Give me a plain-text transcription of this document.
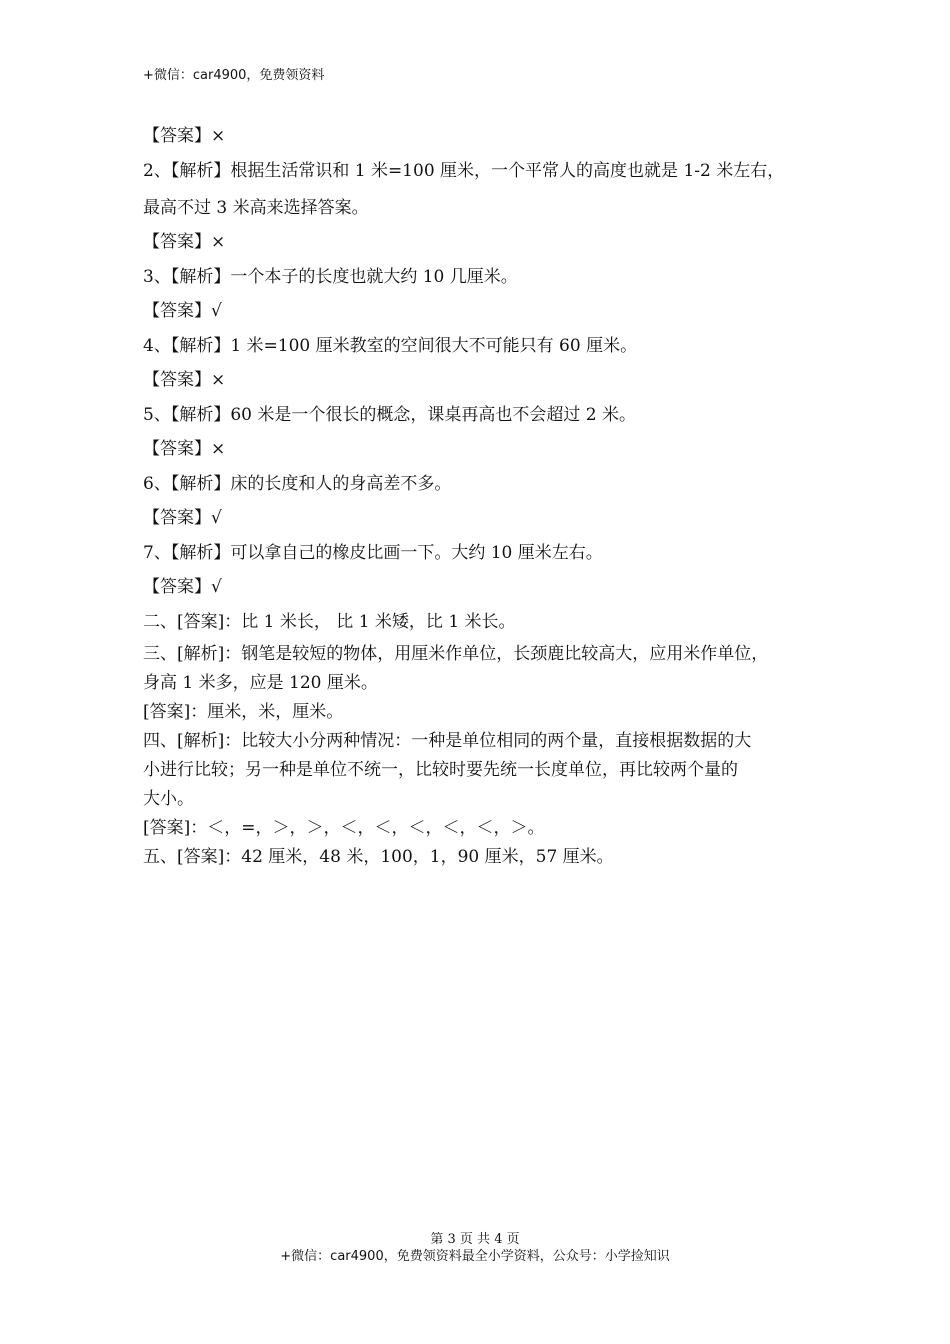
+微信：car4900，免费领资料
【答案】×
2、【解析】根据生活常识和 1 米=100 厘米，一个平常人的高度也就是 1-2 米左右，
最高不过 3 米高来选择答案。
【答案】×
3、【解析】一个本子的长度也就大约 10 几厘米。
【答案】√
4、【解析】1 米=100 厘米教室的空间很大不可能只有 60 厘米。
【答案】×
5、【解析】60 米是一个很长的概念，课桌再高也不会超过 2 米。
【答案】×
6、【解析】床的长度和人的身高差不多。
【答案】√
7、【解析】可以拿自己的橡皮比画一下。大约 10 厘米左右。
【答案】√
二、[答案]：比 1 米长， 比 1 米矮，比 1 米长。
三、[解析]：钢笔是较短的物体，用厘米作单位，长颈鹿比较高大，应用米作单位，
身高 1 米多，应是 120 厘米。
[答案]：厘米，米，厘米。
四、[解析]：比较大小分两种情况：一种是单位相同的两个量，直接根据数据的大
小进行比较；另一种是单位不统一，比较时要先统一长度单位，再比较两个量的
大小。
[答案]：＜，=，＞，＞，＜，＜，＜，＜，＜，＞。
五、[答案]：42 厘米，48 米，100，1，90 厘米，57 厘米。
第 3 页 共 4 页
+微信：car4900，免费领资料最全小学资料，公众号：小学捡知识
